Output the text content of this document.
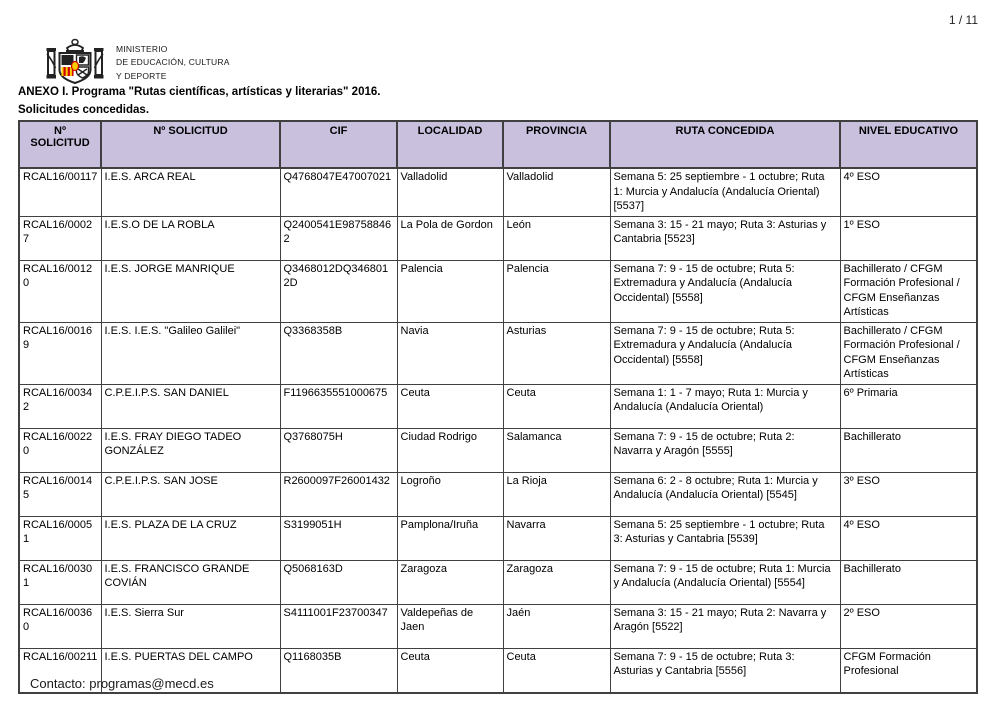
1 / 11
MINISTERIO
DE EDUCACIÓN, CULTURA
Y DEPORTE
ANEXO I. Programa "Rutas científicas, artísticas y literarias" 2016.
Solicitudes concedidas.
Nº SOLICITUD	Nº SOLICITUD	CIF	LOCALIDAD	PROVINCIA	RUTA CONCEDIDA	NIVEL EDUCATIVO
RCAL16/00117	I.E.S. ARCA REAL	Q4768047E47007021	Valladolid	Valladolid	Semana 5: 25 septiembre - 1 octubre; Ruta 1: Murcia y Andalucía (Andalucía Oriental) [5537]	4º ESO
RCAL16/00027	I.E.S.O DE LA ROBLA	Q2400541E987588462	La Pola de Gordon	León	Semana 3: 15 - 21 mayo; Ruta 3: Asturias y Cantabria [5523]	1º ESO
RCAL16/00120	I.E.S. JORGE MANRIQUE	Q3468012DQ3468012D	Palencia	Palencia	Semana 7: 9 - 15 de octubre; Ruta 5: Extremadura y Andalucía (Andalucía Occidental) [5558]	Bachillerato / CFGM Formación Profesional / CFGM Enseñanzas Artísticas
RCAL16/00169	I.E.S. I.E.S. "Galileo Galilei"	Q3368358B	Navia	Asturias	Semana 7: 9 - 15 de octubre; Ruta 5: Extremadura y Andalucía (Andalucía Occidental) [5558]	Bachillerato / CFGM Formación Profesional / CFGM Enseñanzas Artísticas
RCAL16/00342	C.P.E.I.P.S. SAN DANIEL	F1196635551000675	Ceuta	Ceuta	Semana 1: 1 - 7 mayo; Ruta 1: Murcia y Andalucía (Andalucía Oriental)	6º Primaria
RCAL16/00220	I.E.S. FRAY DIEGO TADEO GONZÁLEZ	Q3768075H	Ciudad Rodrigo	Salamanca	Semana 7: 9 - 15 de octubre; Ruta 2: Navarra y Aragón [5555]	Bachillerato
RCAL16/00145	C.P.E.I.P.S. SAN JOSE	R2600097F26001432	Logroño	La Rioja	Semana 6: 2 - 8 octubre; Ruta 1: Murcia y Andalucía (Andalucía Oriental) [5545]	3º ESO
RCAL16/00051	I.E.S. PLAZA DE LA CRUZ	S3199051H	Pamplona/Iruña	Navarra	Semana 5: 25 septiembre - 1 octubre; Ruta 3: Asturias y Cantabria [5539]	4º ESO
RCAL16/00301	I.E.S. FRANCISCO GRANDE COVIÁN	Q5068163D	Zaragoza	Zaragoza	Semana 7: 9 - 15 de octubre; Ruta 1: Murcia y Andalucía (Andalucía Oriental) [5554]	Bachillerato
RCAL16/00360	I.E.S. Sierra Sur	S4111001F23700347	Valdepeñas de Jaen	Jaén	Semana 3: 15 - 21 mayo; Ruta 2: Navarra y Aragón [5522]	2º ESO
RCAL16/00211	I.E.S. PUERTAS DEL CAMPO	Q1168035B	Ceuta	Ceuta	Semana 7: 9 - 15 de octubre; Ruta 3: Asturias y Cantabria [5556]	CFGM Formación Profesional
Contacto: programas@mecd.es
